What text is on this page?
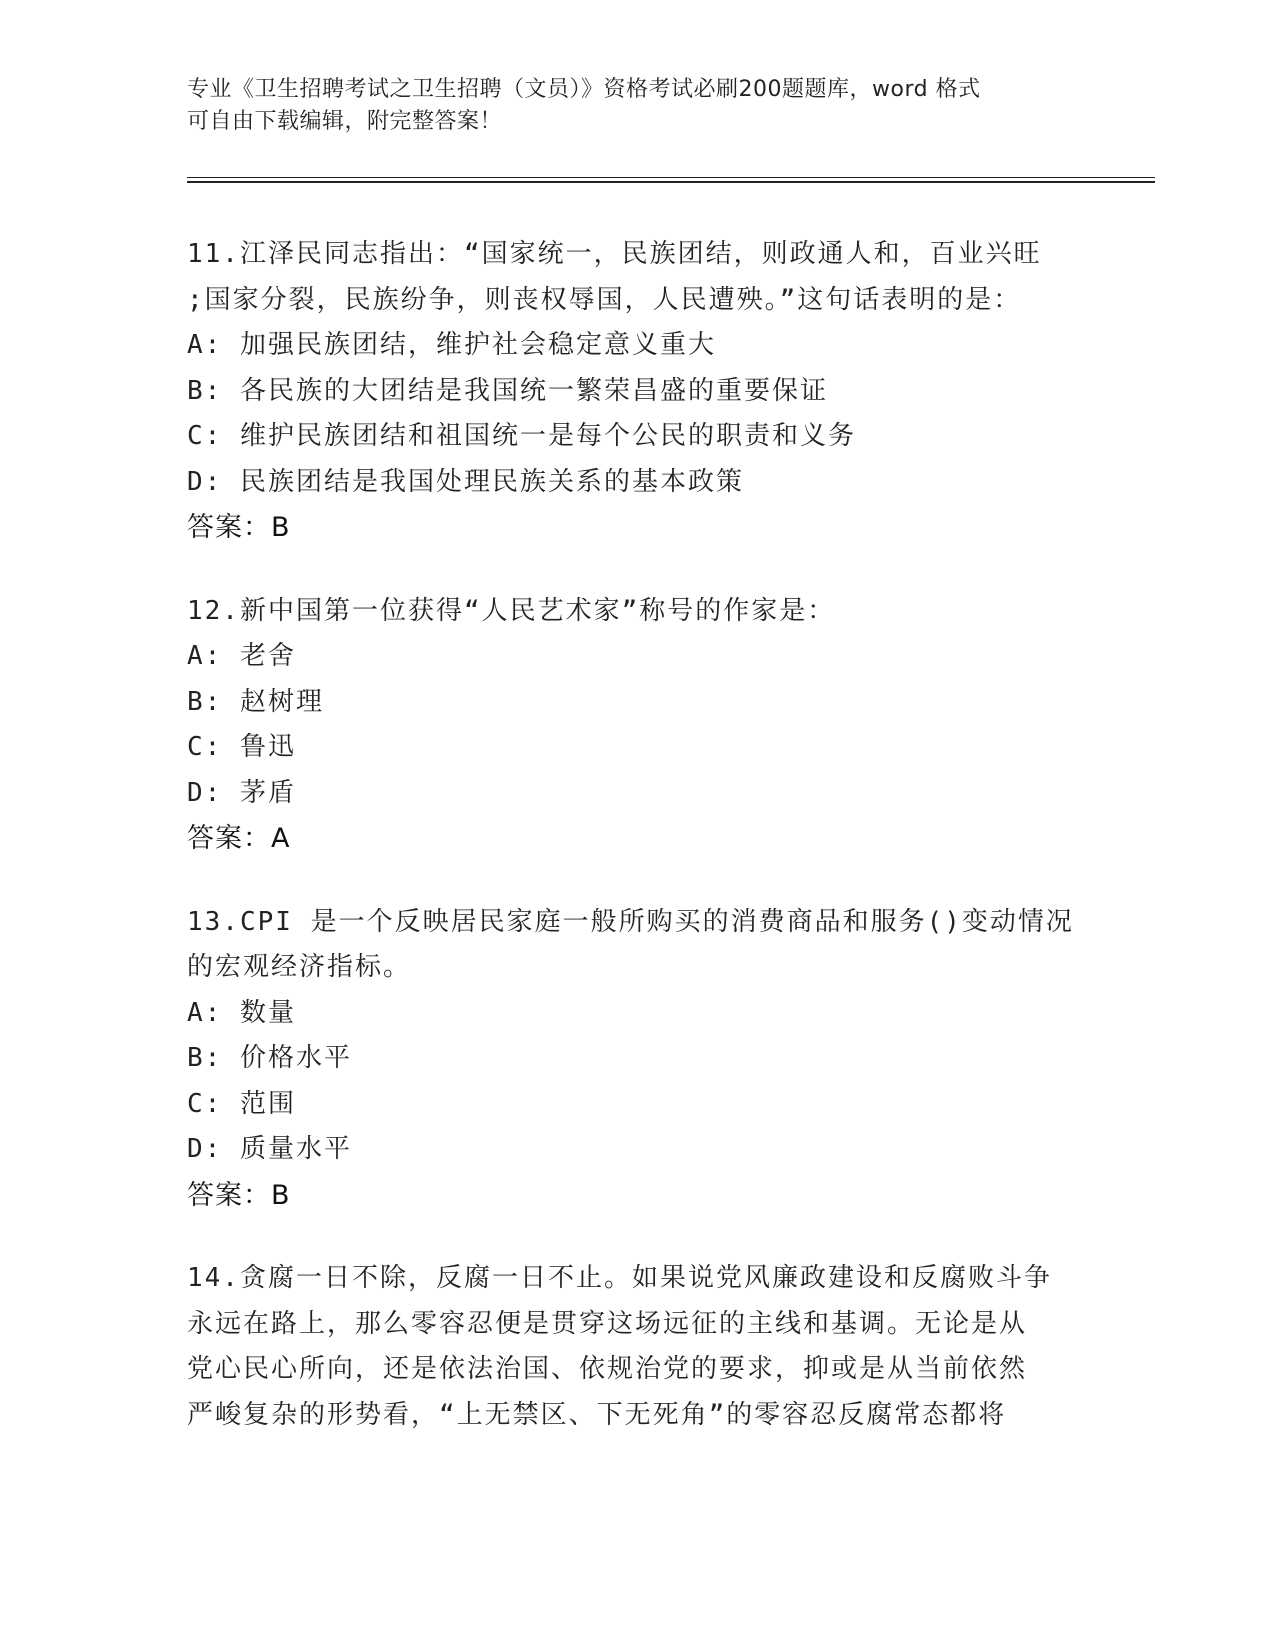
专业《卫生招聘考试之卫生招聘（文员）》资格考试必刷200题题库，word 格式
可自由下载编辑，附完整答案！
11.江泽民同志指出：“国家统一，民族团结，则政通人和，百业兴旺
;国家分裂，民族纷争，则丧权辱国，人民遭殃。”这句话表明的是：
A: 加强民族团结，维护社会稳定意义重大
B: 各民族的大团结是我国统一繁荣昌盛的重要保证
C: 维护民族团结和祖国统一是每个公民的职责和义务
D: 民族团结是我国处理民族关系的基本政策
答案：B
12.新中国第一位获得“人民艺术家”称号的作家是：
A: 老舍
B: 赵树理
C: 鲁迅
D: 茅盾
答案：A
13.CPI 是一个反映居民家庭一般所购买的消费商品和服务()变动情况
的宏观经济指标。
A: 数量
B: 价格水平
C: 范围
D: 质量水平
答案：B
14.贪腐一日不除，反腐一日不止。如果说党风廉政建设和反腐败斗争
永远在路上，那么零容忍便是贯穿这场远征的主线和基调。无论是从
党心民心所向，还是依法治国、依规治党的要求，抑或是从当前依然
严峻复杂的形势看，“上无禁区、下无死角”的零容忍反腐常态都将
